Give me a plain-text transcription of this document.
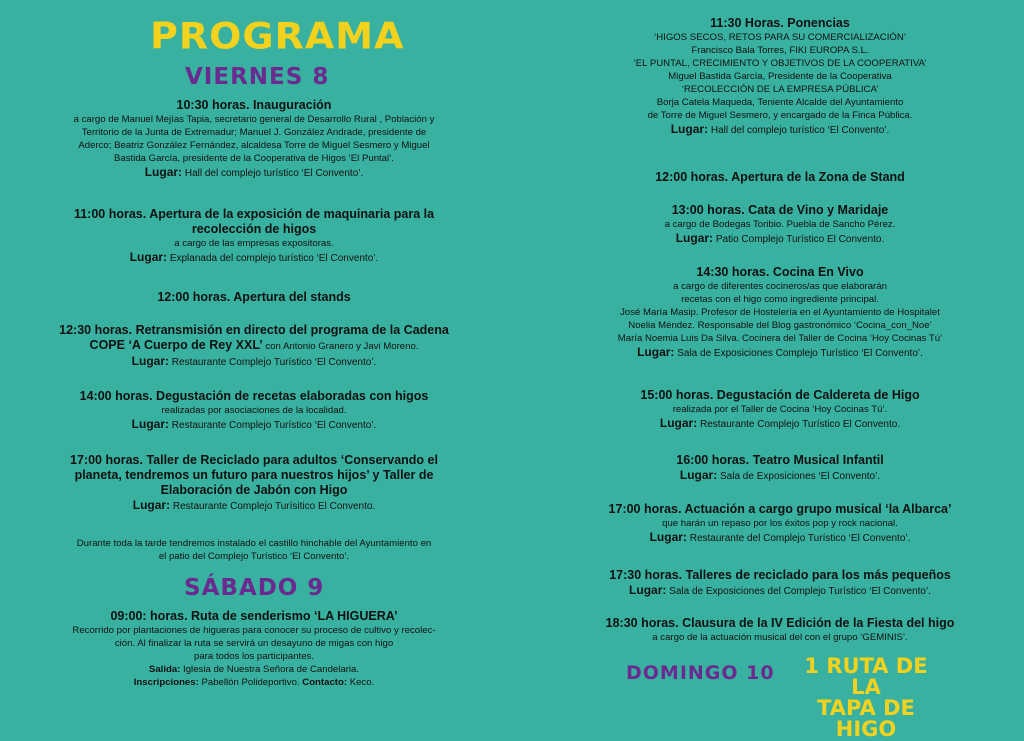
PROGRAMA
VIERNES 8
SÁBADO 9
DOMINGO 10	1 RUTA DE LA
TAPA DE HIGO
10:30 horas. Inauguración
a cargo de Manuel Mejías Tapia, secretario general de Desarrollo Rural , Población y
Territorio de la Junta de Extremadur; Manuel J. González Andrade, presidente de
Aderco; Beatriz González Fernández, alcaldesa Torre de Miguel Sesmero y Miguel
Bastida García, presidente de la Cooperativa de Higos ‘El Puntal’.
Lugar: Hall del complejo turístico ‘El Convento’.
11:00 horas. Apertura de la exposición de maquinaria para la
recolección de higos
a cargo de las empresas expositoras.
Lugar: Explanada del complejo turístico ‘El Convento’.
12:00 horas. Apertura del stands
12:30 horas. Retransmisión en directo del programa de la Cadena
COPE ‘A Cuerpo de Rey XXL’ con Antonio Granero y Javi Moreno.
Lugar: Restaurante Complejo Turístico ‘El Convento’.
14:00 horas. Degustación de recetas elaboradas con higos
realizadas por asociaciones de la localidad.
Lugar: Restaurante Complejo Turístico ‘El Convento’.
17:00 horas. Taller de Reciclado para adultos ‘Conservando el
planeta, tendremos un futuro para nuestros hijos’ y Taller de
Elaboración de Jabón con Higo
Lugar: Restaurante Complejo Turísitico El Convento.
Durante toda la tarde tendremos instalado el castillo hinchable del Ayuntamiento en
el patio del Complejo Turístico ‘El Convento’.
09:00: horas. Ruta de senderismo ‘LA HIGUERA’
Recorrido por plantaciones de higueras para conocer su proceso de cultivo y recolec-
ción. Al finalizar la ruta se servirá un desayuno de migas con higo
para todos los participantes.
Salida: Iglesia de Nuestra Señora de Candelaria.
Inscripciones: Pabellón Polideportivo. Contacto: Keco.
11:30 Horas. Ponencias
‘HIGOS SECOS, RETOS PARA SU COMERCIALIZACIÓN’
Francisco Bala Torres, FIKI EUROPA S.L.
‘EL PUNTAL, CRECIMIENTO Y OBJETIVOS DE LA COOPERATIVA’
Miguel Bastida García, Presidente de la Cooperativa
‘RECOLECCIÓN DE LA EMPRESA PÚBLICA’
Borja Catela Maqueda, Teniente Alcalde del Ayuntamiento
de Torre de Miguel Sesmero, y encargado de la Finca Pública.
Lugar: Hall del complejo turístico ‘El Convento’.
12:00 horas. Apertura de la Zona de Stand
13:00 horas. Cata de Vino y Maridaje
a cargo de Bodegas Toribio. Puebla de Sancho Pérez.
Lugar: Patio Complejo Turístico El Convento.
14:30 horas. Cocina En Vivo
a cargo de diferentes cocineros/as que elaborarán
recetas con el higo como ingrediente principal.
José María Masip. Profesor de Hostelería en el Ayuntamiento de Hospitalet
Noelia Méndez. Responsable del Blog gastronómico ‘Cocina_con_Noe’
María Noemia Luis Da Silva. Cocinera del Taller de Cocina ‘Hoy Cocinas Tú’
Lugar: Sala de Exposiciones Complejo Turístico ‘El Convento’.
15:00 horas. Degustación de Caldereta de Higo
realizada por el Taller de Cocina ‘Hoy Cocinas Tú’.
Lugar: Restaurante Complejo Turístico El Convento.
16:00 horas. Teatro Musical Infantil
Lugar: Sala de Exposiciones ‘El Convento’.
17:00 horas. Actuación a cargo grupo musical ‘la Albarca’
que harán un repaso por los éxitos pop y rock nacional.
Lugar: Restaurante del Complejo Turístico ‘El Convento’.
17:30 horas. Talleres de reciclado para los más pequeños
Lugar: Sala de Exposiciones del Complejo Turístico ‘El Convento’.
18:30 horas. Clausura de la IV Edición de la Fiesta del higo
a cargo de la actuación musical del con el grupo ‘GEMINIS’.
